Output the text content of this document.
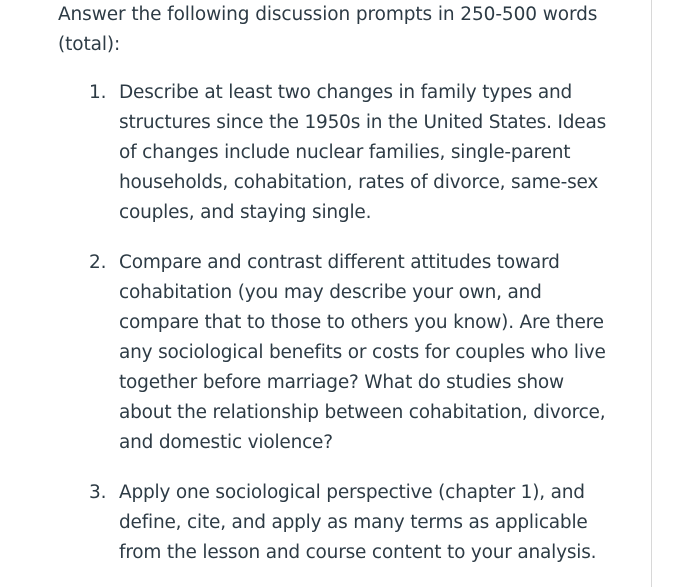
Answer the following discussion prompts in 250-500 words (total):

1. Describe at least two changes in family types and structures since the 1950s in the United States. Ideas of changes include nuclear families, single-parent households, cohabitation, rates of divorce, same-sex couples, and staying single.
2. Compare and contrast different attitudes toward cohabitation (you may describe your own, and compare that to those to others you know). Are there any sociological benefits or costs for couples who live together before marriage? What do studies show about the relationship between cohabitation, divorce, and domestic violence?
3. Apply one sociological perspective (chapter 1), and define, cite, and apply as many terms as applicable from the lesson and course content to your analysis.
